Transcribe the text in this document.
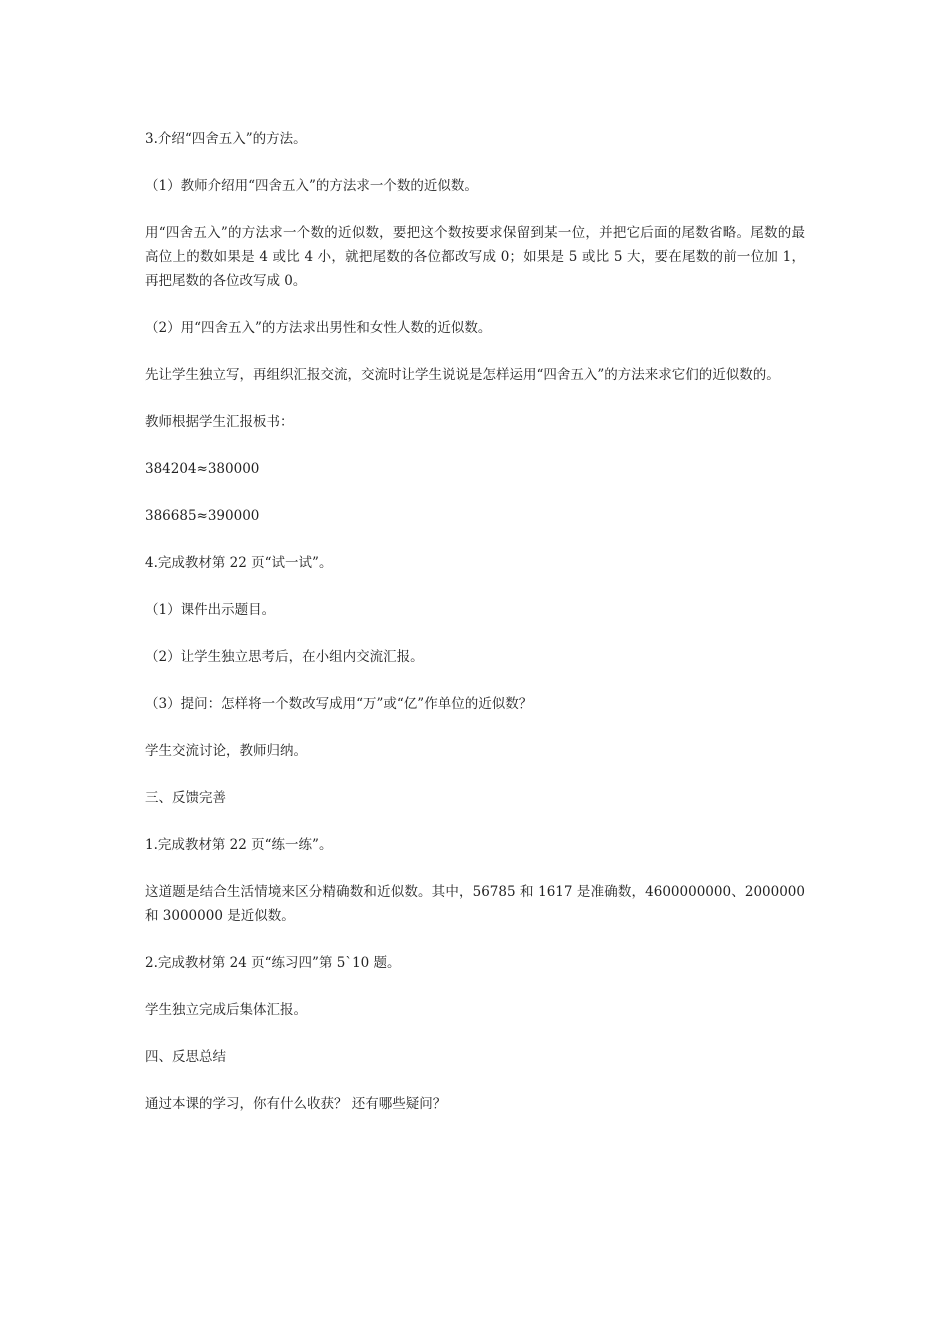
3.介绍“四舍五入”的方法。

（1）教师介绍用“四舍五入”的方法求一个数的近似数。

用“四舍五入”的方法求一个数的近似数，要把这个数按要求保留到某一位，并把它后面的尾数省略。尾数的最高位上的数如果是 4 或比 4 小，就把尾数的各位都改写成 0；如果是 5 或比 5 大，要在尾数的前一位加 1，再把尾数的各位改写成 0。

（2）用“四舍五入”的方法求出男性和女性人数的近似数。

先让学生独立写，再组织汇报交流，交流时让学生说说是怎样运用“四舍五入”的方法来求它们的近似数的。

教师根据学生汇报板书：

384204≈380000

386685≈390000

4.完成教材第 22 页“试一试”。

（1）课件出示题目。

（2）让学生独立思考后，在小组内交流汇报。

（3）提问：怎样将一个数改写成用“万”或“亿”作单位的近似数？

学生交流讨论，教师归纳。

三、反馈完善

1.完成教材第 22 页“练一练”。

这道题是结合生活情境来区分精确数和近似数。其中，56785 和 1617 是准确数，4600000000、2000000 和 3000000 是近似数。

2.完成教材第 24 页“练习四”第 5`10 题。

学生独立完成后集体汇报。

四、反思总结

通过本课的学习，你有什么收获？ 还有哪些疑问？
